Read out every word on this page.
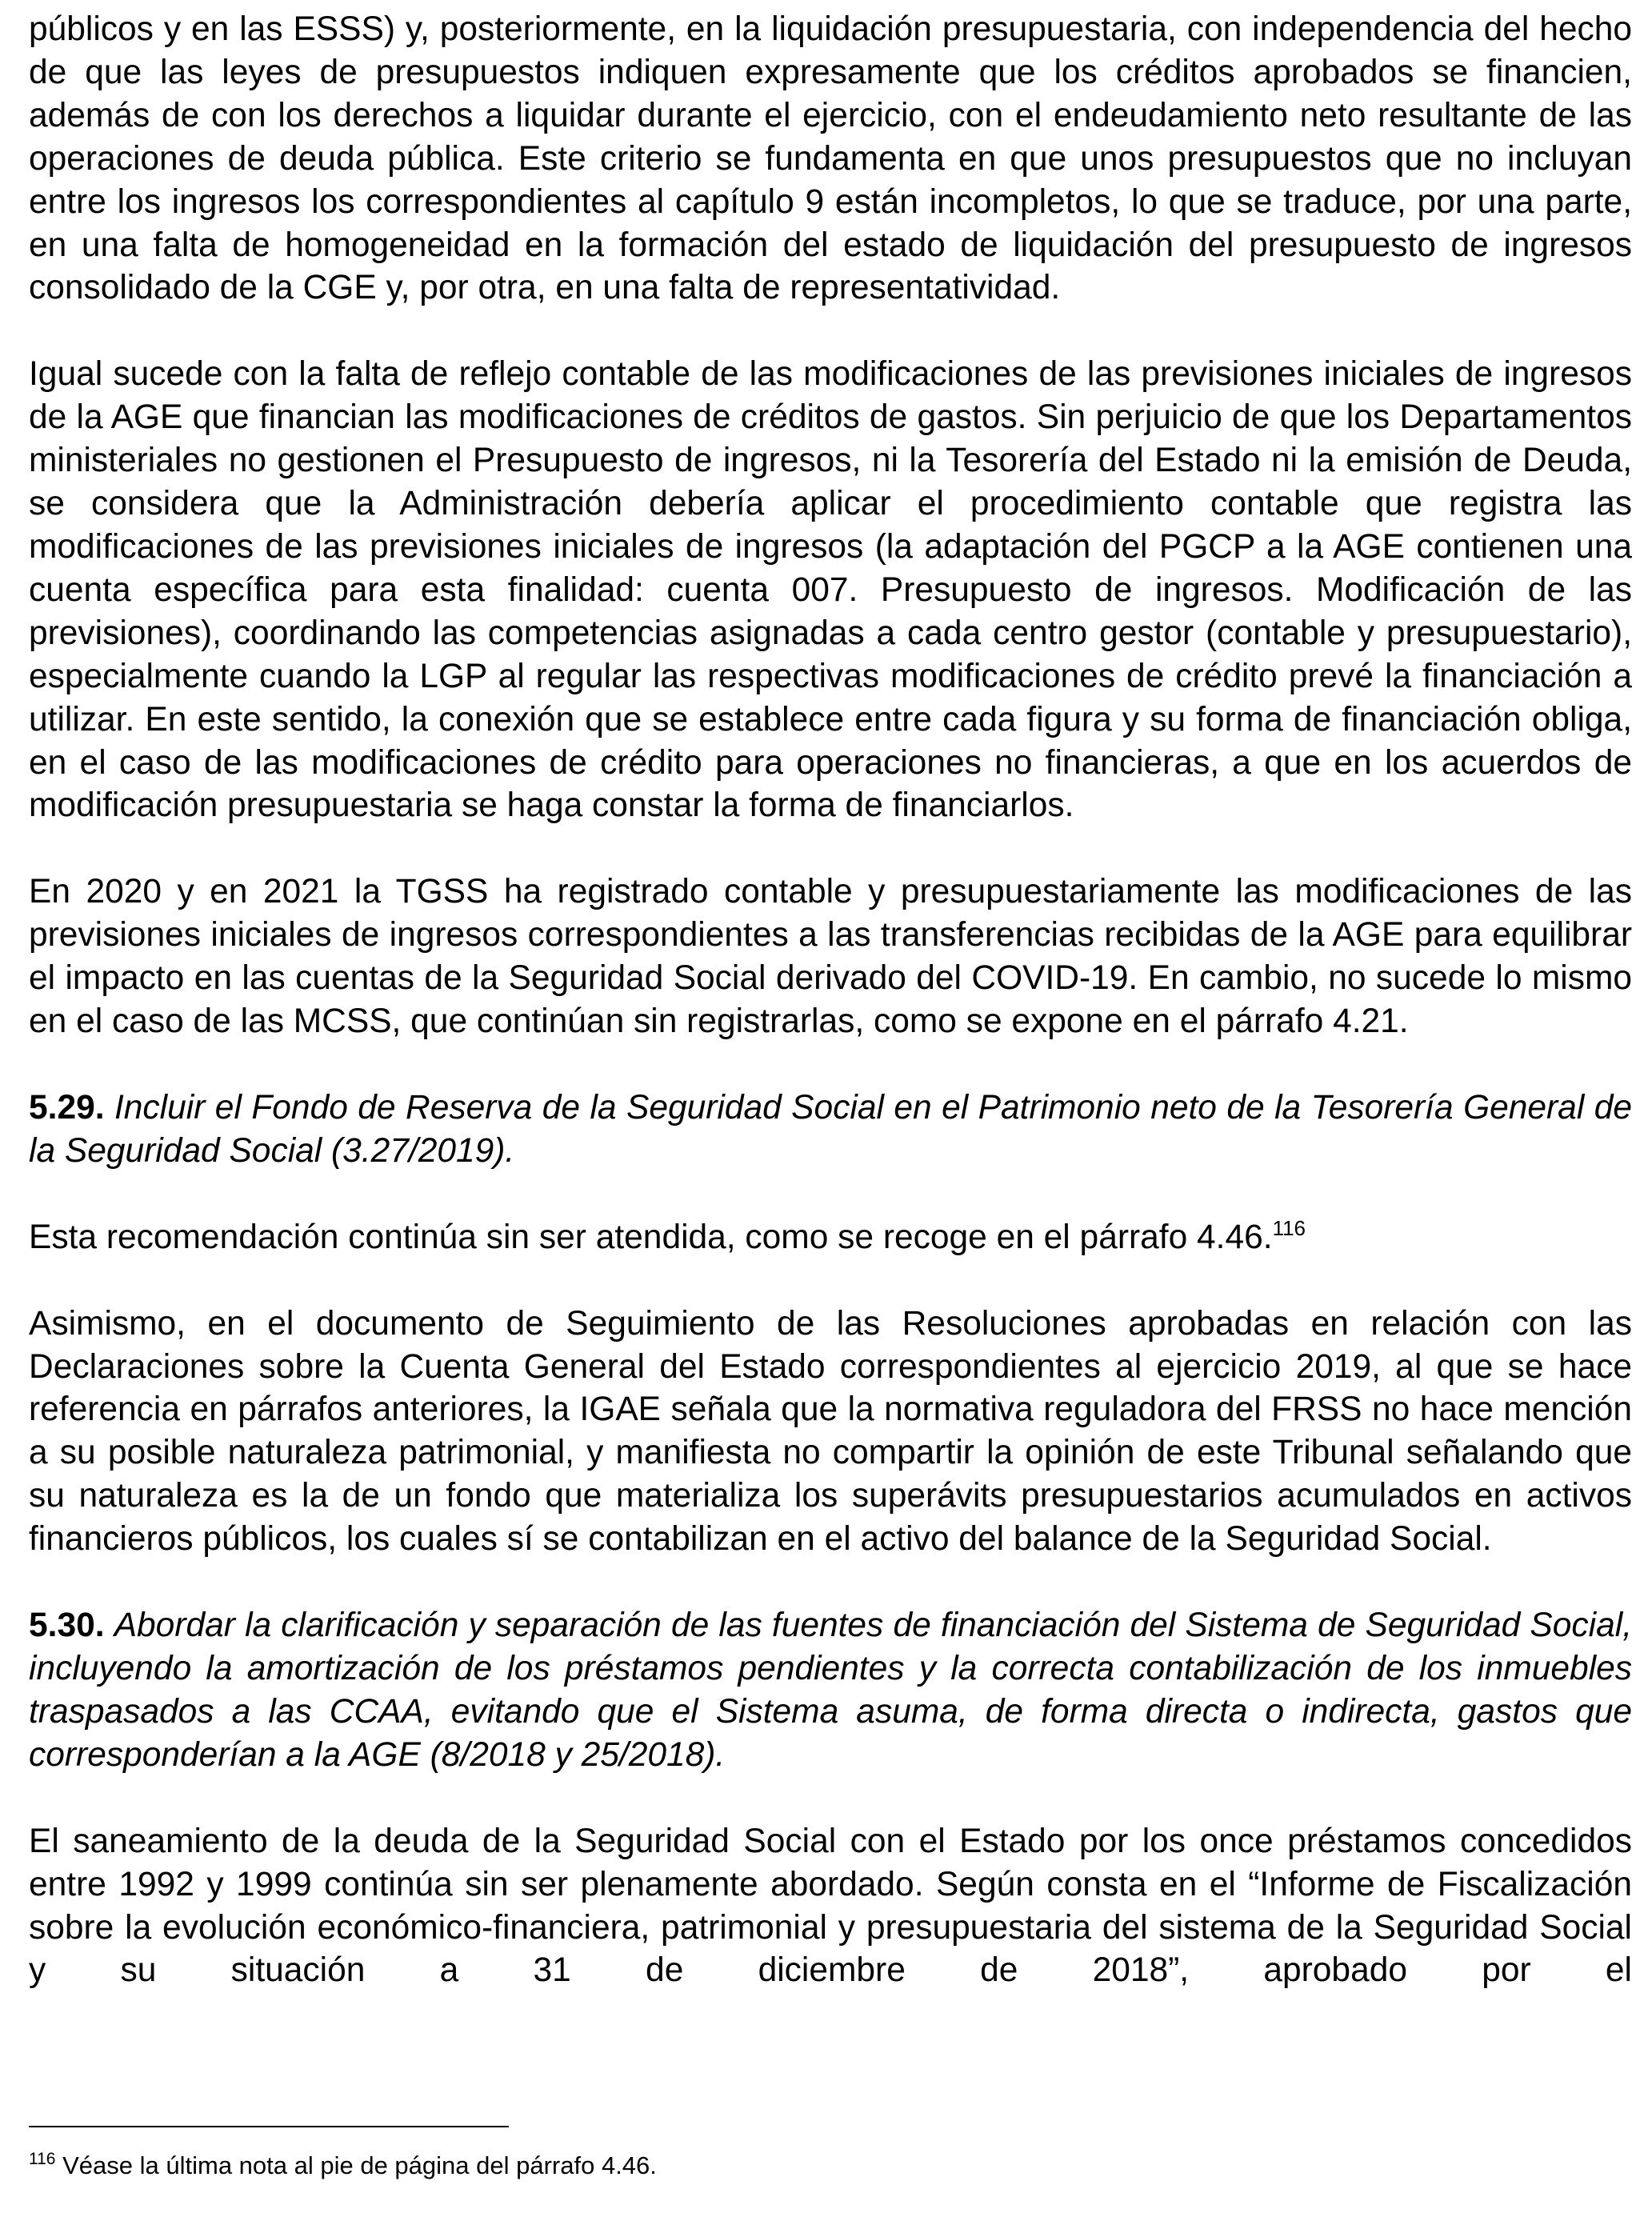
públicos y en las ESSS) y, posteriormente, en la liquidación presupuestaria, con independencia del hecho de que las leyes de presupuestos indiquen expresamente que los créditos aprobados se financien, además de con los derechos a liquidar durante el ejercicio, con el endeudamiento neto resultante de las operaciones de deuda pública. Este criterio se fundamenta en que unos presupuestos que no incluyan entre los ingresos los correspondientes al capítulo 9 están incompletos, lo que se traduce, por una parte, en una falta de homogeneidad en la formación del estado de liquidación del presupuesto de ingresos consolidado de la CGE y, por otra, en una falta de representatividad.

Igual sucede con la falta de reflejo contable de las modificaciones de las previsiones iniciales de ingresos de la AGE que financian las modificaciones de créditos de gastos. Sin perjuicio de que los Departamentos ministeriales no gestionen el Presupuesto de ingresos, ni la Tesorería del Estado ni la emisión de Deuda, se considera que la Administración debería aplicar el procedimiento contable que registra las modificaciones de las previsiones iniciales de ingresos (la adaptación del PGCP a la AGE contienen una cuenta específica para esta finalidad: cuenta 007. Presupuesto de ingresos. Modificación de las previsiones), coordinando las competencias asignadas a cada centro gestor (contable y presupuestario), especialmente cuando la LGP al regular las respectivas modificaciones de crédito prevé la financiación a utilizar. En este sentido, la conexión que se establece entre cada figura y su forma de financiación obliga, en el caso de las modificaciones de crédito para operaciones no financieras, a que en los acuerdos de modificación presupuestaria se haga constar la forma de financiarlos.

En 2020 y en 2021 la TGSS ha registrado contable y presupuestariamente las modificaciones de las previsiones iniciales de ingresos correspondientes a las transferencias recibidas de la AGE para equilibrar el impacto en las cuentas de la Seguridad Social derivado del COVID-19. En cambio, no sucede lo mismo en el caso de las MCSS, que continúan sin registrarlas, como se expone en el párrafo 4.21.

5.29. Incluir el Fondo de Reserva de la Seguridad Social en el Patrimonio neto de la Tesorería General de la Seguridad Social (3.27/2019).

Esta recomendación continúa sin ser atendida, como se recoge en el párrafo 4.46.$^{116}$

Asimismo, en el documento de Seguimiento de las Resoluciones aprobadas en relación con las Declaraciones sobre la Cuenta General del Estado correspondientes al ejercicio 2019, al que se hace referencia en párrafos anteriores, la IGAE señala que la normativa reguladora del FRSS no hace mención a su posible naturaleza patrimonial, y manifiesta no compartir la opinión de este Tribunal señalando que su naturaleza es la de un fondo que materializa los superávits presupuestarios acumulados en activos financieros públicos, los cuales sí se contabilizan en el activo del balance de la Seguridad Social.

5.30. Abordar la clarificación y separación de las fuentes de financiación del Sistema de Seguridad Social, incluyendo la amortización de los préstamos pendientes y la correcta contabilización de los inmuebles traspasados a las CCAA, evitando que el Sistema asuma, de forma directa o indirecta, gastos que corresponderían a la AGE (8/2018 y 25/2018).

El saneamiento de la deuda de la Seguridad Social con el Estado por los once préstamos concedidos entre 1992 y 1999 continúa sin ser plenamente abordado. Según consta en el “Informe de Fiscalización sobre la evolución económico-financiera, patrimonial y presupuestaria del sistema de la Seguridad Social y su situación a 31 de diciembre de 2018”, aprobado por el

$^{116}$ Véase la última nota al pie de página del párrafo 4.46.
